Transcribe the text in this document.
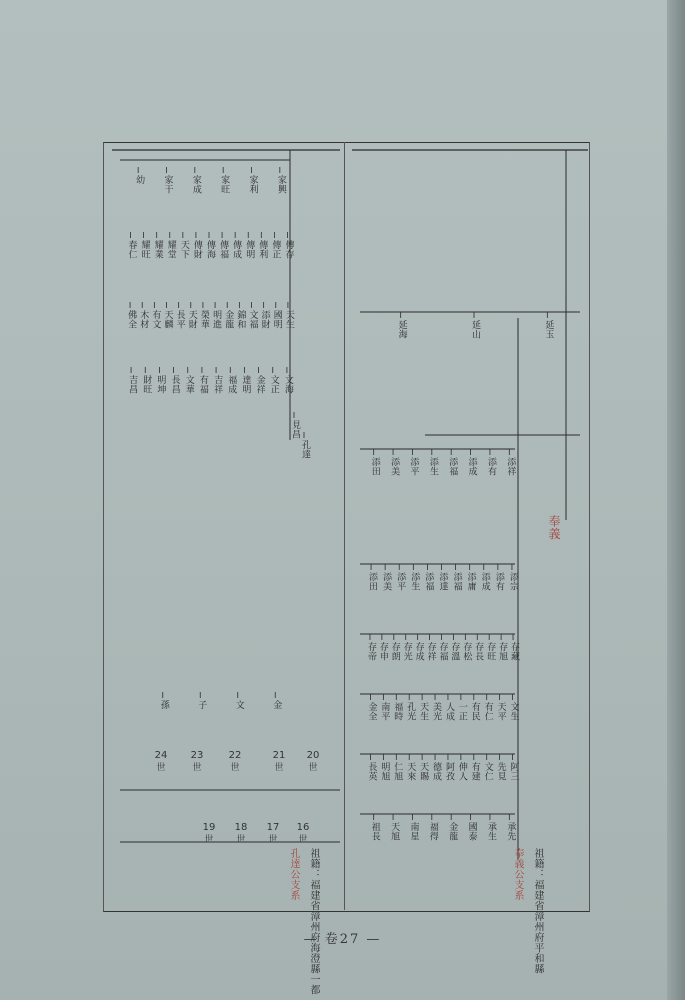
奉義
延玉
延山
延海
添祥
添有
添成
添福
添生
添平
添美
添田
添宗
添有
添成
添庸
添福
添達
添福
添生
添平
添美
添田
存藏
存旭
存旺
存長
存松
存溫
存福
存祥
存成
存光
存朗
存申
存帝
文生
天平
有仁
有民
一正
人成
美光
天生
孔光
福時
南平
金全
阿三
先見
文仁
有建
伸人
阿孜
德成
天賜
天來
仁旭
明旭
長英
承先
承生
國泰
金龍
福得
南星
天旭
祖長
孔達
見昌
家興
家利
家旺
家成
家干
幼
傳存
傳正
傳利
傳明
傳成
傳福
傳海
傳財
天下
耀堂
耀業
耀旺
春仁
天生
國明
添財
文福
錦和
金龍
明進
榮華
天財
長平
天麟
有文
木材
佛全
文海
文正
金祥
達明
福成
吉祥
有福
文華
長昌
明坤
財旺
吉昌
金
文
子
孫
16
世
17
世
18
世
19
世
20
世
21
世
22
世
23
世
24
世
祖籍：福建省漳州府平和縣
奉義公支系
祖籍：福建省漳州府海澄縣一都
孔達公支系
— 卷27 —
